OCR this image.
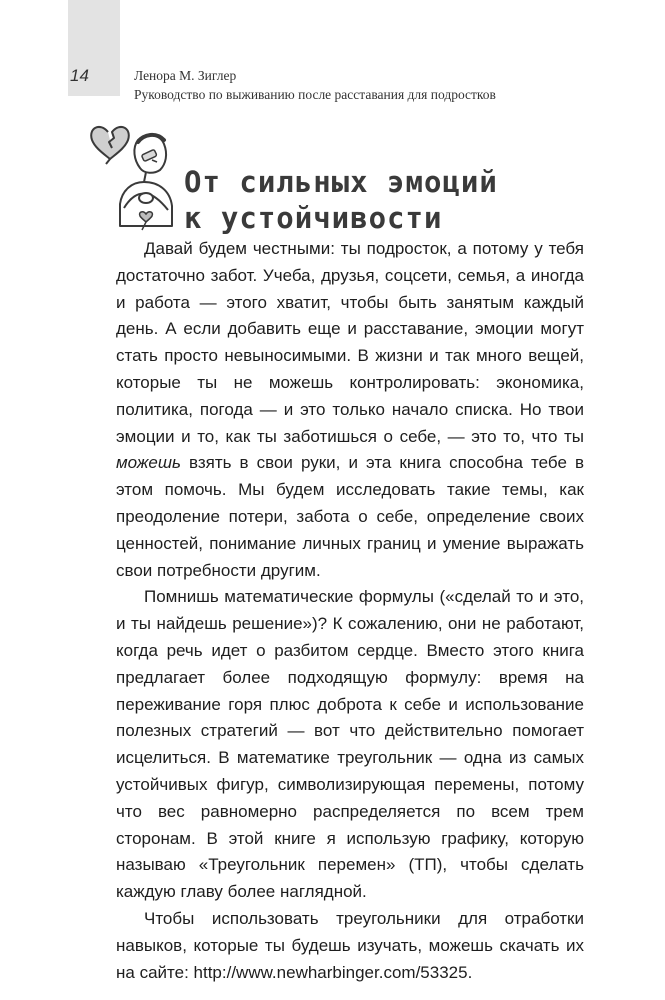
14	Ленора М. Зиглер
Руководство по выживанию после расставания для подростков
От сильных эмоций
к устойчивости

Давай будем честными: ты подросток, а потому у тебя достаточно забот. Учеба, друзья, соцсети, семья, а иногда и работа — этого хватит, чтобы быть занятым каждый день. А если добавить еще и расставание, эмоции могут стать просто невыносимыми. В жизни и так много вещей, которые ты не можешь контролировать: экономика, политика, погода — и это только начало списка. Но твои эмоции и то, как ты заботишься о себе, — это то, что ты можешь взять в свои руки, и эта книга способна тебе в этом помочь. Мы будем исследовать такие темы, как преодоление потери, забота о себе, определение своих ценностей, понимание личных границ и умение выражать свои потребности другим.

Помнишь математические формулы («сделай то и это, и ты найдешь решение»)? К сожалению, они не работают, когда речь идет о разбитом сердце. Вместо этого книга предлагает более подходящую формулу: время на переживание горя плюс доброта к себе и использование полезных стратегий — вот что действительно помогает исцелиться. В математике треугольник — одна из самых устойчивых фигур, символизирующая перемены, потому что вес равномерно распределяется по всем трем сторонам. В этой книге я использую графику, которую называю «Треугольник перемен» (ТП), чтобы сделать каждую главу более наглядной.

Чтобы использовать треугольники для отработки навыков, которые ты будешь изучать, можешь скачать их на сайте: http://www.newharbinger.com/53325.
